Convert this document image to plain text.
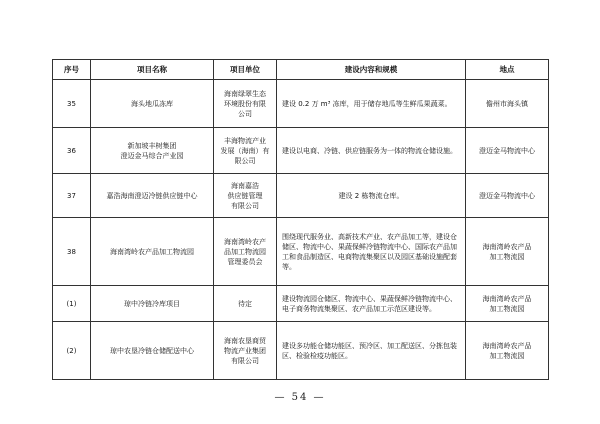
序号	项目名称	项目单位	建设内容和规模	地点
35	海头地瓜冻库	海南绿翠生态
环境股份有限
公司	建设 0.2 万 m³ 冻库，用于储存地瓜等生鲜瓜果蔬菜。	儋州市海头镇
36	新加坡丰树集团
澄迈金马综合产业园	丰海物流产业
发展（海南）有
限公司	建设以电商、冷链、供应链服务为一体的物流仓储设施。	澄迈金马物流中心
37	嘉浩海南澄迈冷链供应链中心	海南嘉浩
供应链管理
有限公司	建设 2 栋物流仓库。	澄迈金马物流中心
38	海南湾岭农产品加工物流园	海南湾岭农产
品加工物流园
管理委员会	围绕现代服务业、高新技术产业、农产品加工等，建设仓储区、物流中心、果蔬保鲜冷链物流中心、国际农产品加工和食品制造区、电商物流集聚区以及园区基础设施配套等。	海南湾岭农产品
加工物流园
(1)	琼中冷链冷库项目	待定	建设物流园仓储区、物流中心、果蔬保鲜冷链物流中心、电子商务物流集聚区、农产品加工示范区建设等。	海南湾岭农产品
加工物流园
(2)	琼中农垦冷链仓储配送中心	海南农垦商贸
物流产业集团
有限公司	建设多功能仓储功能区、预冷区、加工配送区、分拣包装区、检验检疫功能区。	海南湾岭农产品
加工物流园
— 54 —
